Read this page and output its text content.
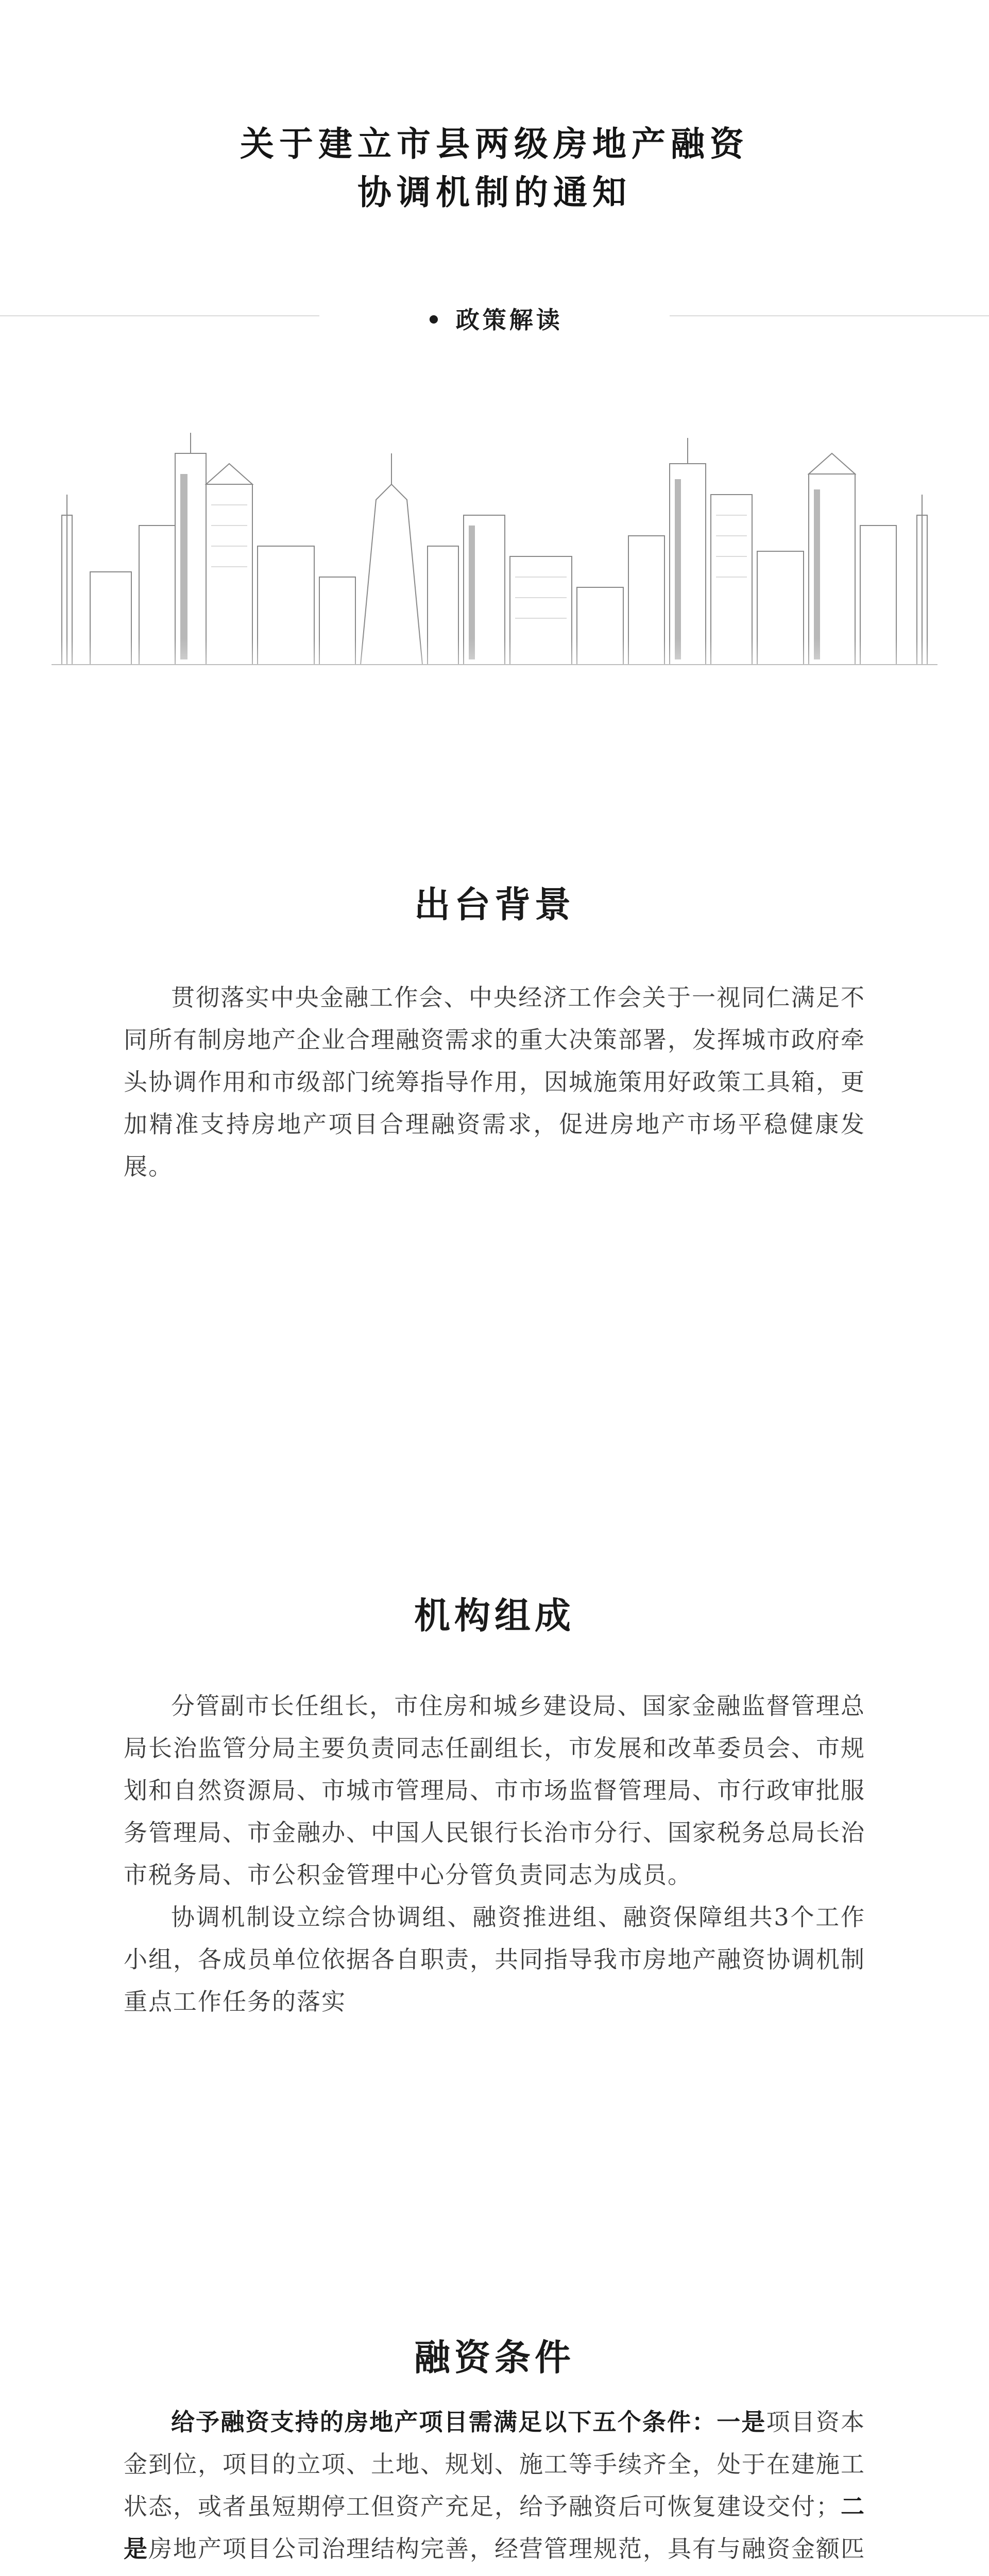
关于建立市县两级房地产融资
协调机制的通知
• 政策解读
出台背景

贯彻落实中央金融工作会、中央经济工作会关于一视同仁满足不同所有制房地产企业合理融资需求的重大决策部署，发挥城市政府牵头协调作用和市级部门统筹指导作用，因城施策用好政策工具箱，更加精准支持房地产项目合理融资需求，促进房地产市场平稳健康发展。

机构组成

分管副市长任组长，市住房和城乡建设局、国家金融监督管理总局长治监管分局主要负责同志任副组长，市发展和改革委员会、市规划和自然资源局、市城市管理局、市市场监督管理局、市行政审批服务管理局、市金融办、中国人民银行长治市分行、国家税务总局长治市税务局、市公积金管理中心分管负责同志为成员。

协调机制设立综合协调组、融资推进组、融资保障组共3个工作小组，各成员单位依据各自职责，共同指导我市房地产融资协调机制重点工作任务的落实

融资条件

给予融资支持的房地产项目需满足以下五个条件：一是项目资本金到位，项目的立项、土地、规划、施工等手续齐全，处于在建施工状态，或者虽短期停工但资产充足，给予融资后可恢复建设交付；二是房地产项目公司治理结构完善，经营管理规范，具有与融资金额匹
